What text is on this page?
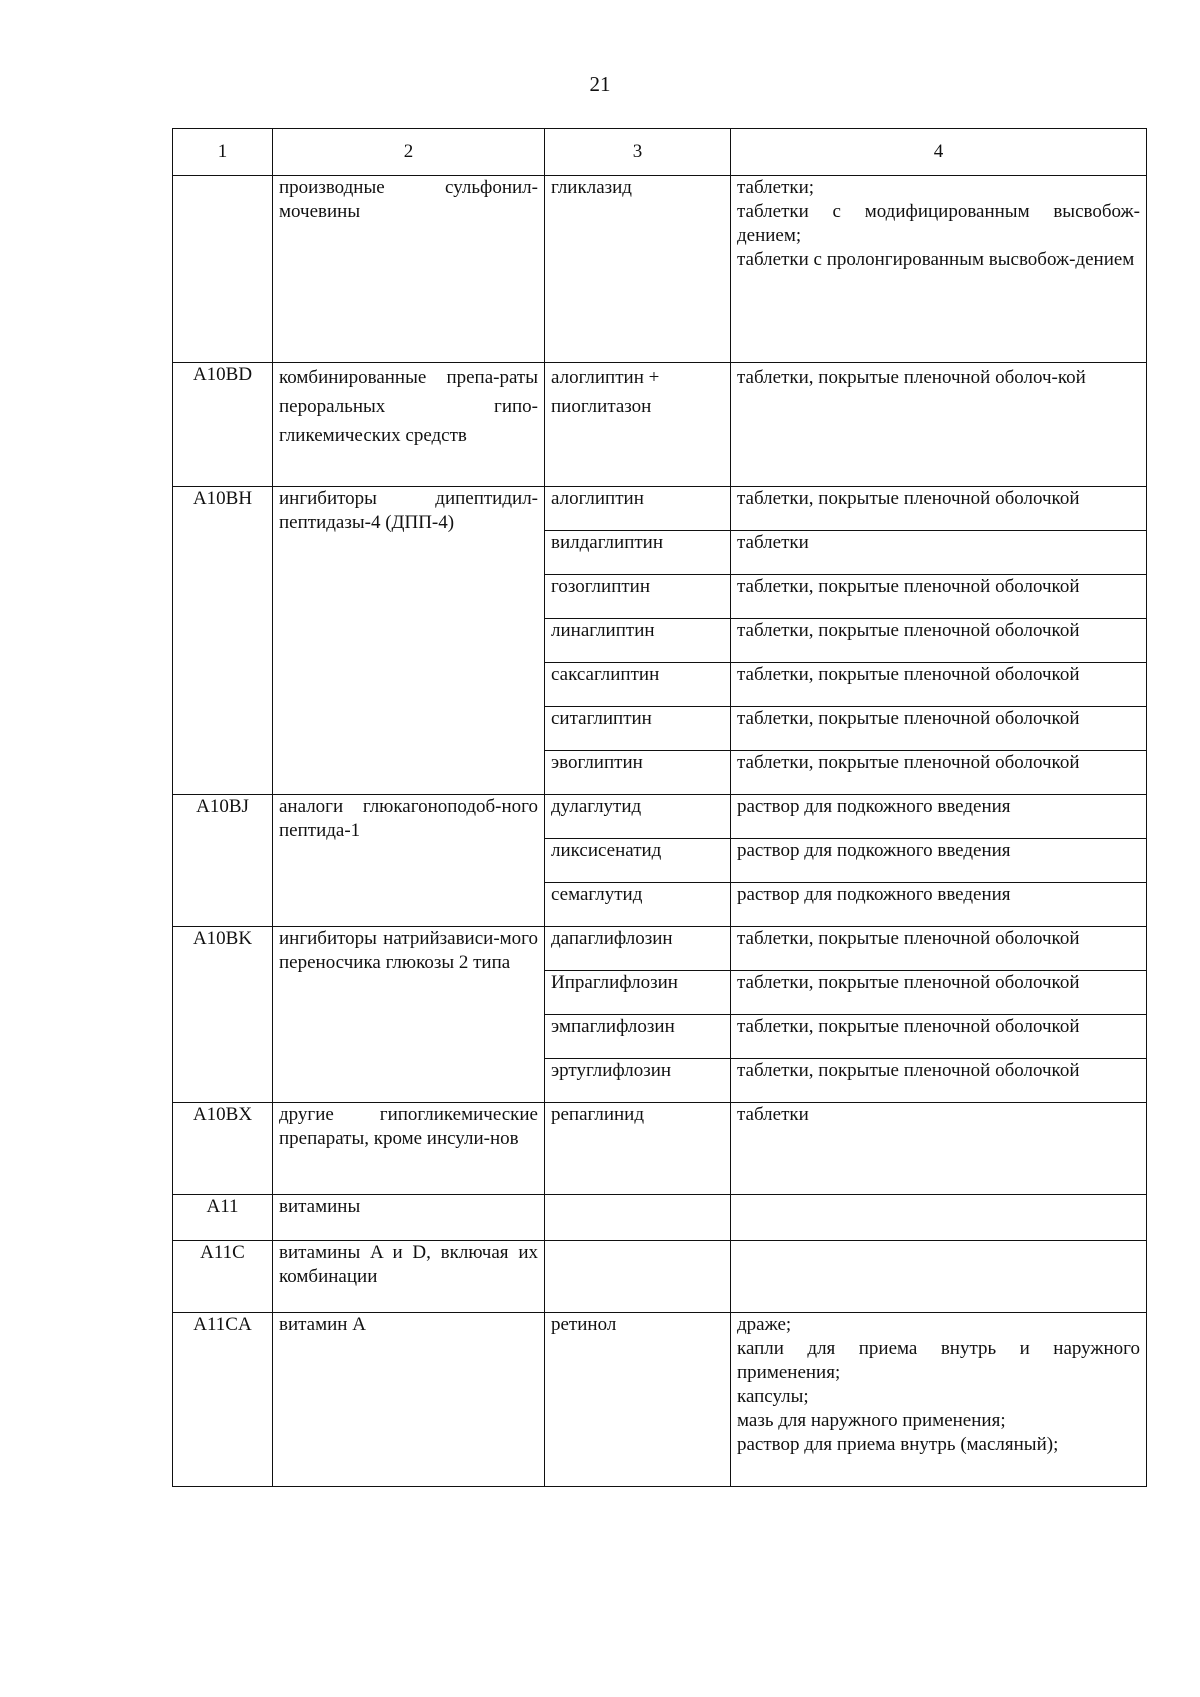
21
1	2	3	4

	производные сульфонил-мочевины	гликлазид	таблетки;
таблетки с модифицированным высвобож-дением;
таблетки с пролонгированным высвобож-дением

A10BD	комбинированные препа-раты пероральных гипо-гликемических средств	алоглиптин + пиоглитазон	таблетки, покрытые пленочной оболоч-кой
A10BH	ингибиторы дипептидил-пептидазы-4 (ДПП-4)	алоглиптин	таблетки, покрытые пленочной оболочкой
		вилдаглиптин	таблетки
		гозоглиптин	таблетки, покрытые пленочной оболочкой
		линаглиптин	таблетки, покрытые пленочной оболочкой
		саксаглиптин	таблетки, покрытые пленочной оболочкой
		ситаглиптин	таблетки, покрытые пленочной оболочкой
		эвоглиптин	таблетки, покрытые пленочной оболочкой
A10BJ	аналоги глюкагоноподоб-ного пептида-1	дулаглутид	раствор для подкожного введения
		ликсисенатид	раствор для подкожного введения
		семаглутид	раствор для подкожного введения
A10BK	ингибиторы натрийзависи-мого переносчика глюкозы 2 типа	дапаглифлозин	таблетки, покрытые пленочной оболочкой
		Ипраглифлозин	таблетки, покрытые пленочной оболочкой
		эмпаглифлозин	таблетки, покрытые пленочной оболочкой
		эртуглифлозин	таблетки, покрытые пленочной оболочкой
A10BX	другие гипогликемические препараты, кроме инсули-нов	репаглинид	таблетки
A11	витамины		
A11C	витамины A и D, включая их комбинации		
A11CA	витамин A	ретинол	драже;
капли для приема внутрь и наружного применения;
капсулы;
мазь для наружного применения;
раствор для приема внутрь (масляный);
